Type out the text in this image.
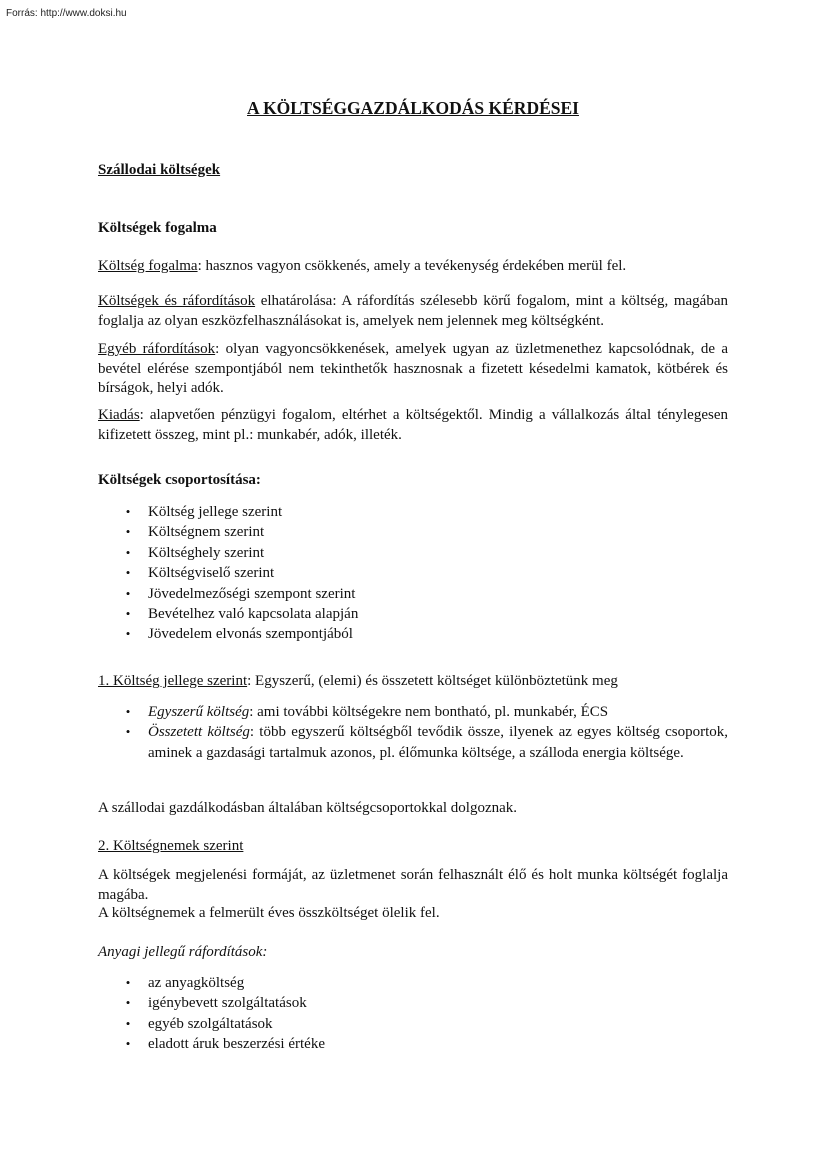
Forrás: http://www.doksi.hu
A KÖLTSÉGGAZDÁLKODÁS KÉRDÉSEI
Szállodai költségek
Költségek fogalma

Költség fogalma: hasznos vagyon csökkenés, amely a tevékenység érdekében merül fel.

Költségek és ráfordítások elhatárolása: A ráfordítás szélesebb körű fogalom, mint a költség, magában foglalja az olyan eszközfelhasználásokat is, amelyek nem jelennek meg költségként.

Egyéb ráfordítások: olyan vagyoncsökkenések, amelyek ugyan az üzletmenethez kapcsolódnak, de a bevétel elérése szempontjából nem tekinthetők hasznosnak a fizetett késedelmi kamatok, kötbérek és bírságok, helyi adók.

Kiadás: alapvetően pénzügyi fogalom, eltérhet a költségektől. Mindig a vállalkozás által ténylegesen kifizetett összeg, mint pl.: munkabér, adók, illeték.

Költségek csoportosítása:
• Költség jellege szerint
• Költségnem szerint
• Költséghely szerint
• Költségviselő szerint
• Jövedelmezőségi szempont szerint
• Bevételhez való kapcsolata alapján
• Jövedelem elvonás szempontjából

1. Költség jellege szerint: Egyszerű, (elemi) és összetett költséget különböztetünk meg

• Egyszerű költség: ami további költségekre nem bontható, pl. munkabér, ÉCS
• Összetett költség: több egyszerű költségből tevődik össze, ilyenek az egyes költség csoportok, aminek a gazdasági tartalmuk azonos, pl. élőmunka költsége, a szálloda energia költsége.

A szállodai gazdálkodásban általában költségcsoportokkal dolgoznak.

2. Költségnemek szerint

A költségek megjelenési formáját, az üzletmenet során felhasznált élő és holt munka költségét foglalja magába.

A költségnemek a felmerült éves összköltséget ölelik fel.

Anyagi jellegű ráfordítások:

• az anyagköltség
• igénybevett szolgáltatások
• egyéb szolgáltatások
• eladott áruk beszerzési értéke
